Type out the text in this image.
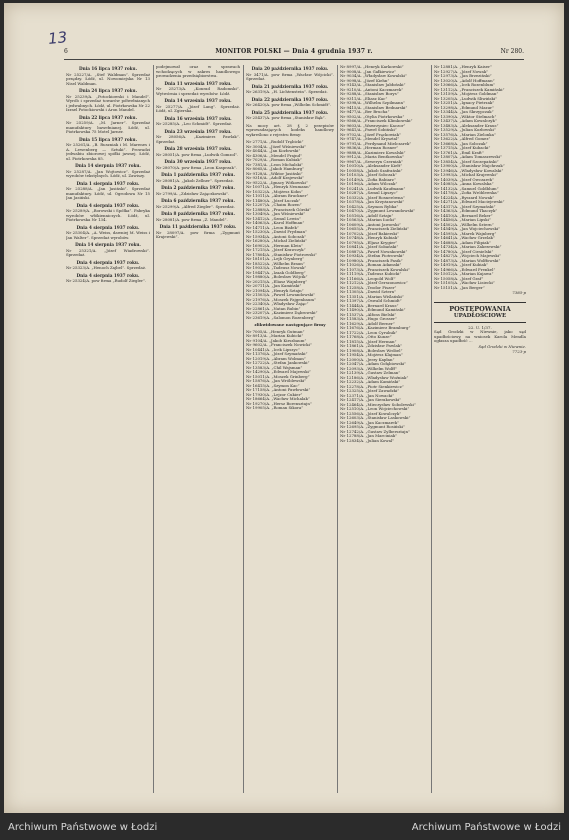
13
6	MONITOR POLSKI — Dnia 4 grudnia 1937 r.	Nr 280.
Dnia 16 lipca 1937 roku.
Nr 25227/A. „Stef Waldman”. Sprzedaż przędzy. Łódź, ul. Nowomiejska Nr 13 Nisel Waldman.
Dnia 24 lipca 1937 roku.
Nr 25239/A. „Potockiowski i Mandel”. Wyrób i sprzedaż towarów półwełnianych i jedwabnych. Łódź, ul. Piotrkowska Nr 22 Izrael Potockiowski i Aron Mandel.
Dnia 22 lipca 1937 roku.
Nr 25259/A. „M. Jarner”. Sprzedaż manufaktury bawełnianej. Łódź, ul. Piotrkowska 75 Motel Jarner.
Dnia 15 lipca 1937 roku.
Nr 25261/A. „B. Ruszniak i M. Marenes i A. Lewenberg — Sztuki”. Prowadzi jedwabiu zbiorowej spółki jawnej. Łódź, ul. Piotrkowska 85.
Dnia 14 sierpnia 1937 roku.
Nr 25287/A. „Jan Wojtowicz”. Sprzedaż wyrobów tekstylnych. Łódź, ul. Zawiszy.
Dnia 1 sierpnia 1937 roku.
Nr 25288/A. „Jan Jasiński”. Sprzedaż manufaktury. Łódź, ul. Ogrodowa Nr 15 Jan Jasiński.
Dnia 4 sierpnia 1937 roku.
Nr 25289/A. „Borowski i Spółka”. Fabryka wyrobów włókienniczych. Łódź, ul. Piotrkowska Nr 134.
Dnia 4 sierpnia 1937 roku.
Nr 25304/A. „A. Weiss, dawniej M. Weiss i Jan Walter”. Sprzedaż wyrobów.
Dnia 14 sierpnia 1937 roku.
Nr 25321/A. „Józef Wiadrowski”. Sprzedaż.
Dnia 4 sierpnia 1937 roku.
Nr 25323/A. „Henoch Zajbel”. Sprzedaż.
Dnia 4 sierpnia 1937 roku.
Nr 25324/A. pow firma „Rudolf Ziegler”.
podejmował oraz w sprawach wchodzących w zakres handlowego prowadzenia przedsiębiorstwa.
Dnia 11 września 1937 roku.
Nr 25273/A. „Konrad Radomski”. Wytwórnia i sprzedaż wyrobów. Łódź.
Dnia 14 września 1937 roku.
Nr 25277/A. „Józef Lang”. Sprzedaż. Łódź, ul. Zgierska.
Dnia 16 września 1937 roku.
Nr 25285/A. „Leo Schmidt”. Sprzedaż.
Dnia 23 września 1937 roku.
Nr 28056/A. „Kazimierz Pawlak”. Sprzedaż.
Dnia 28 września 1937 roku.
Nr 28051/A. pow firma „Ludwik Gomzol”.
Dnia 30 września 1937 roku.
Nr 28070/A. pow firma „Leon Kasprzak”.
Dnia 1 października 1937 roku.
Nr 28081/A. „Jakob Zellner”. Sprzedaż.
Dnia 2 października 1937 roku.
Nr 2799/A. „Zdzisław Zajączkowski”.
Dnia 6 października 1937 roku.
Nr 25299/A. „Alfred Ziegler”. Sprzedaż.
Dnia 8 października 1937 roku.
Nr 28081/A. pow firma „Z. Mandel”.
Dnia 11 października 1937 roku.
Nr 28097/A. pow firma „Zygmunt Krajewski”.
Dnia 20 października 1937 roku.
Nr 3471/A. pow firma „Wacław Wójcicki”. Sprzedaż.
Dnia 21 października 1937 roku.
Nr 26319/A. „H. Lichtenstein”. Sprzedaż.
Dnia 22 października 1937 roku.
Nr 26420/A. pow firma „Wilhelm Schmidt”.
Dnia 25 października 1937 roku.
Nr 25437/A. pow firma „Stanisław Bąk”.
Na mocy art. 28 § 2 przepisów wprowadzających kodeks handlowy wykreślono z rejestru firmy:
Nr 2771/A. „Rudolf Trębicki”
Nr 3004/A. „Józef Wiśniewski”
Nr 4044/A. „Jan Kozłowski”
Nr 4306/A. „Mendel Frajnd”
Nr 7029/A. „Roman Kubiak”
Nr 7381/A. „Leon Michalski”
Nr 8065/A. „Jakob Hamburg”
Nr 9128/A. „Wiktor Jasiński”
Nr 9316/A. „Adolf Krajewski”
Nr 9522/A. „Ignacy Witkowski”
Nr 10071/A. „Henryk Neumann”
Nr 10322/A. „Mojżesz Kohn”
Nr 11011/A. „Abram Bruckner”
Nr 11480/A. „Józef Łuczak”
Nr 12207/A. „Chaim Rozen”
Nr 12888/A. „Franciszek Górski”
Nr 13049/A. „Jan Wiśniewski”
Nr 13412/A. „Szmul Lewin”
Nr 14063/A. „Karol Hoffman”
Nr 14711/A. „Leon Białek”
Nr 15230/A. „Dawid Frydman”
Nr 15934/A. „Antoni Sobczak”
Nr 16280/A. „Michał Zieliński”
Nr 16902/A. „Herman Klein”
Nr 17215/A. „Józef Krawczyk”
Nr 17804/A. „Stanisław Piotrowski”
Nr 18101/A. „Lejb Grynberg”
Nr 18522/A. „Wilhelm Braun”
Nr 19033/A. „Tadeusz Nowak”
Nr 19447/A. „Izaak Goldberg”
Nr 19880/A. „Bolesław Wójcik”
Nr 20215/A. „Eliasz Wajnberg”
Nr 20711/A. „Jan Kamiński”
Nr 21094/A. „Henryk Sztajn”
Nr 21503/A. „Paweł Lewandowski”
Nr 21976/A. „Moszek Fajgenbaum”
Nr 22340/A. „Władysław Zając”
Nr 22861/A. „Natan Rubin”
Nr 23207/A. „Kazimierz Dąbrowski”
Nr 23619/A. „Salomon Rozenberg”
zlikwidowane następujące firmy
Nr 7005/A. „Henryk Gutman”
Nr 8913/A. „Marian Kubicki”
Nr 9104/A. „Jakob Kirszbaum”
Nr 9602/A. „Franciszek Nowicki”
Nr 10441/A. „Icek Lipszyc”
Nr 11376/A. „Józef Szymański”
Nr 12019/A. „Abram Wolman”
Nr 12722/A. „Stefan Jankowski”
Nr 13583/A. „Chil Wajsman”
Nr 14290/A. „Edward Majewski”
Nr 15011/A. „Moszek Grinberg”
Nr 15876/A. „Jan Wróblewski”
Nr 16415/A. „Szymon Kac”
Nr 17158/A. „Antoni Pawłowski”
Nr 17930/A. „Lejzor Cukier”
Nr 18664/A. „Wacław Michalak”
Nr 19270/A. „Hersz Borensztajn”
Nr 19905/A. „Roman Sikora”
Nr 8997/A. „Henryk Karkowski”
Nr 9008/A. „Jan Gałkiewicz”
Nr 9034/A. „Władysław Kowalski”
Nr 9098/A. „Józef Kiehn”
Nr 9143/A. „Stanisław Jabłoński”
Nr 9210/A. „Antoni Kaczmarek”
Nr 9288/A. „Stanisław Borys”
Nr 9311/A. „Eliasz Kac”
Nr 9398/A. „Wilhelm Szpilmann”
Nr 9415/A. „Stanisław Bednarski”
Nr 9477/A. „Ber Brucha”
Nr 9502/A. „Otylia Piotrkowska”
Nr 9566/A. „Franciszek Klimkowski”
Nr 9603/A. „Wawrzyniec Kaczor”
Nr 9641/A. „Paweł Sobiński”
Nr 9702/A. „Józef Frąckowiak”
Nr 9747/A. „Mendel Krysztal”
Nr 9791/A. „Ferdynand Mielczarek”
Nr 9836/A. „Herman Rosner”
Nr 9888/A. „Kazimierz Kowalski”
Nr 9912/A. „Maria Bentkowska”
Nr 9967/A. „Seweryn Czerniak”
Nr 10010/A. „Aleksander Kiełt”
Nr 10058/A. „Jakob Szafrański”
Nr 10103/A. „Józef Sobczak”
Nr 10149/A. „Zofia Babiarz”
Nr 10196/A. „Adam Wilczak”
Nr 10241/A. „Ludwik Kaufmann”
Nr 10287/A. „Szmul Lipszyc”
Nr 10332/A. „Józef Rosnerówna”
Nr 10378/A. „Jan Krzyżanowski”
Nr 10425/A. „Szymon Rybka”
Nr 10470/A. „Zygmunt Lewandowski”
Nr 10516/A. „Adolf Sztajn”
Nr 10563/A. „Marian Łucki”
Nr 10609/A. „Antoni Jaworski”
Nr 10655/A. „Franciszek Zieliński”
Nr 10702/A. „Józef Bakierski”
Nr 10748/A. „Henryk Kubiak”
Nr 10795/A. „Eljasz Krygier”
Nr 10841/A. „Józef Sobański”
Nr 10887/A. „Paweł Nowakowski”
Nr 10934/A. „Stefan Piotrowski”
Nr 10980/A. „Franciszek Pasik”
Nr 11026/A. „Roman Adamski”
Nr 11073/A. „Franciszek Kowalski”
Nr 11119/A. „Tadeusz Kubicki”
Nr 11166/A. „Leopold Wolf”
Nr 11212/A. „Józef Gerszonowicz”
Nr 11258/A. „Teodor Fiszer”
Nr 11305/A. „Dawid Sztern”
Nr 11351/A. „Marian Wiślański”
Nr 11397/A. „Oswald Schmidt”
Nr 11444/A. „Bernard Kraus”
Nr 11490/A. „Edmund Kamiński”
Nr 11537/A. „Alfons Bielski”
Nr 11583/A. „Hugo Grosser”
Nr 11629/A. „Adolf Berner”
Nr 11676/A. „Kazimierz Bramburg”
Nr 11722/A. „Leon Cyrulnik”
Nr 11768/A. „Otto Kunze”
Nr 11815/A. „Józef Herman”
Nr 11861/A. „Zdzisław Pawlak”
Nr 11908/A. „Bolesław Wróbel”
Nr 11954/A. „Mojżesz Klajman”
Nr 12000/A. „Jerzy Kapłan”
Nr 12047/A. „Adam Gołębiowski”
Nr 12093/A. „Wilhelm Wolff”
Nr 12139/A. „Gustaw Zelman”
Nr 12186/A. „Władysław Woźniak”
Nr 12232/A. „Adam Kamiński”
Nr 12278/A. „Piotr Sienkiewicz”
Nr 12325/A. „Józef Zawadzki”
Nr 12371/A. „Jan Nowacki”
Nr 12417/A. „Jan Sierakowski”
Nr 12464/A. „Mieczysław Sobolewski”
Nr 12510/A. „Leon Wojciechowski”
Nr 12556/A. „Józef Kowalczyk”
Nr 12603/A. „Stanisław Laskowski”
Nr 12649/A. „Jan Kaczmarek”
Nr 12695/A. „Zygmunt Rosiński”
Nr 12742/A. „Gustaw Zylbersztajn”
Nr 12788/A. „Jan Marciniak”
Nr 12834/A. „Julian Kowal”
Nr 12881/A. „Henryk Kaiser”
Nr 12927/A. „Józef Nowak”
Nr 12973/A. „Jan Brzeziński”
Nr 13020/A. „Adolf Hoffmann”
Nr 13066/A. „Icek Rozenblum”
Nr 13112/A. „Franciszek Kamiński”
Nr 13159/A. „Mojżesz Goldman”
Nr 13205/A. „Ludwik Śliwiński”
Nr 13251/A. „Ignacy Pietrzak”
Nr 13298/A. „Edmund Mazur”
Nr 13344/A. „Jan Skrzypczak”
Nr 13390/A. „Wiktor Stelmach”
Nr 13437/A. „Adam Kowalczyk”
Nr 13483/A. „Aleksander Kraus”
Nr 13529/A. „Julian Kozłowski”
Nr 13576/A. „Marian Zielonka”
Nr 13622/A. „Alfred Gomez”
Nr 13668/A. „Jan Sobczak”
Nr 13715/A. „Józef Kubacki”
Nr 13761/A. „Emil Kraft”
Nr 13807/A. „Adam Tomaszewski”
Nr 13854/A. „Józef Szczepański”
Nr 13900/A. „Stanisław Majchrzak”
Nr 13946/A. „Władysław Kowalski”
Nr 13993/A. „Michał Krajewski”
Nr 14039/A. „Józef Owczarek”
Nr 14085/A. „Anna Kowalska”
Nr 14132/A. „Samuel Goldblum”
Nr 14178/A. „Zofia Wróblewska”
Nr 14224/A. „Ryszard Nowak”
Nr 14271/A. „Edward Maciejewski”
Nr 14317/A. „Józef Szymański”
Nr 14363/A. „Edmund Tkaczyk”
Nr 14410/A. „Bernard Beker”
Nr 14456/A. „Marian Lipski”
Nr 14502/A. „Wilhelm Sztern”
Nr 14549/A. „Jan Wojciechowski”
Nr 14595/A. „Marek Wajnberg”
Nr 14641/A. „Wacław Grzelak”
Nr 14688/A. „Adam Filipiak”
Nr 14734/A. „Marian Zakrzewski”
Nr 14780/A. „Józef Ciesielski”
Nr 14827/A. „Wojciech Majewski”
Nr 14873/A. „Marian Wolffowski”
Nr 14919/A. „Józef Kubiak”
Nr 14966/A. „Edward Frenkel”
Nr 15012/A. „Marian Kujawa”
Nr 15058/A. „Józef Graf”
Nr 15105/A. „Wacław Lisiecki”
Nr 15151/A. „Jan Berger”
7385-p
POSTĘPOWANIA
UPADŁOŚCIOWE
22. U. 1/37.
Sąd Grodzki w Niewnie, jako sąd upadłościowy, na wniosek Karola Mendla ogłasza upadłość ...
Sąd Grodzki w Niewnie.
7723-p
Archiwum Państwowe w Łodzi	Archiwum Państwowe w Łodzi
